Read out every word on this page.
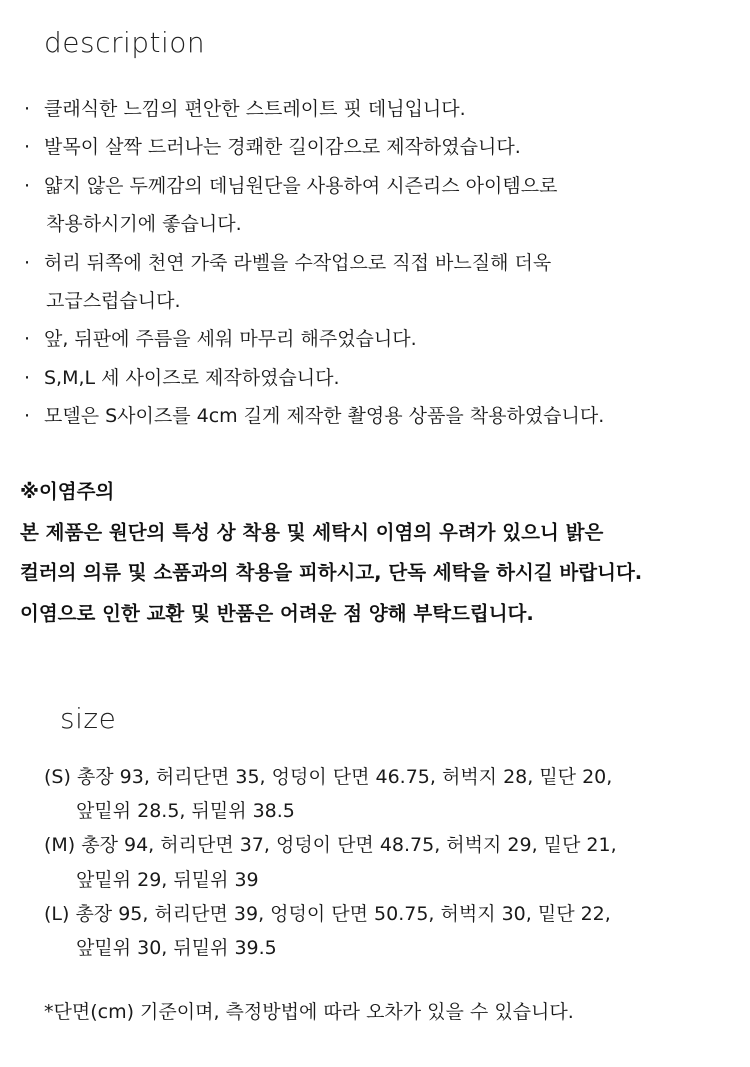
description
· 클래식한 느낌의 편안한 스트레이트 핏 데님입니다.
· 발목이 살짝 드러나는 경쾌한 길이감으로 제작하였습니다.
· 얇지 않은 두께감의 데님원단을 사용하여 시즌리스 아이템으로
착용하시기에 좋습니다.
· 허리 뒤쪽에 천연 가죽 라벨을 수작업으로 직접 바느질해 더욱
고급스럽습니다.
· 앞, 뒤판에 주름을 세워 마무리 해주었습니다.
· S,M,L 세 사이즈로 제작하였습니다.
· 모델은 S사이즈를 4cm 길게 제작한 촬영용 상품을 착용하였습니다.
※이염주의
본 제품은 원단의 특성 상 착용 및 세탁시 이염의 우려가 있으니 밝은
컬러의 의류 및 소품과의 착용을 피하시고, 단독 세탁을 하시길 바랍니다.
이염으로 인한 교환 및 반품은 어려운 점 양해 부탁드립니다.
size
(S) 총장 93, 허리단면 35, 엉덩이 단면 46.75, 허벅지 28, 밑단 20,
앞밑위 28.5, 뒤밑위 38.5
(M) 총장 94, 허리단면 37, 엉덩이 단면 48.75, 허벅지 29, 밑단 21,
앞밑위 29, 뒤밑위 39
(L) 총장 95, 허리단면 39, 엉덩이 단면 50.75, 허벅지 30, 밑단 22,
앞밑위 30, 뒤밑위 39.5
*단면(cm) 기준이며, 측정방법에 따라 오차가 있을 수 있습니다.
